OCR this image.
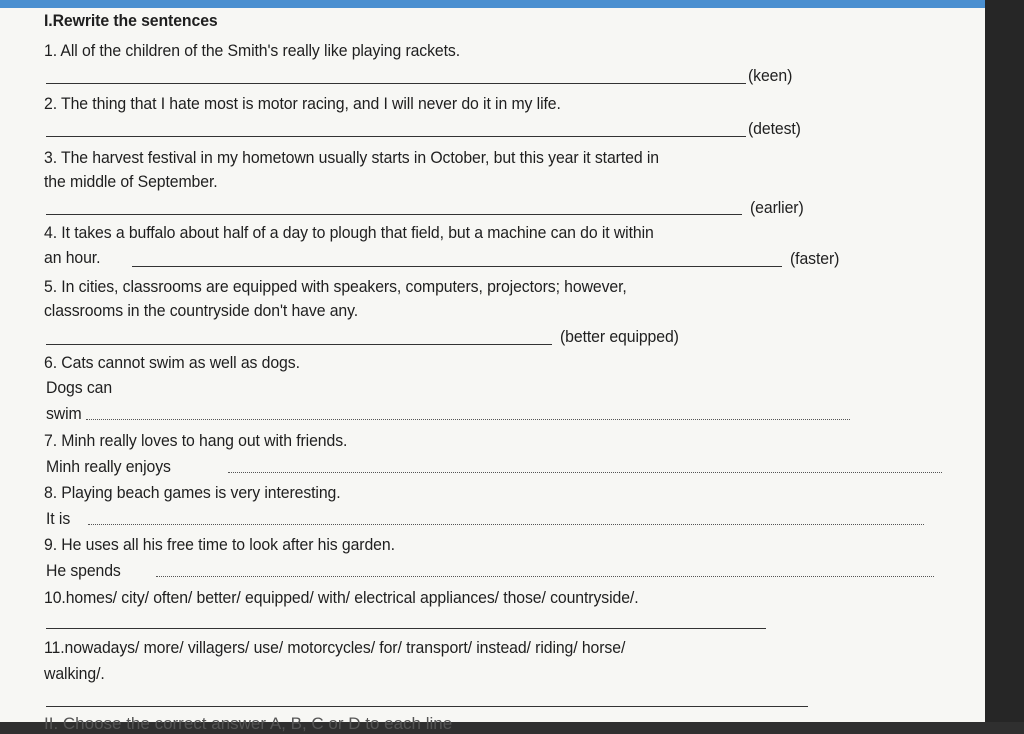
I.Rewrite the sentences
1. All of the children of the Smith's really like playing rackets.
(keen)
2. The thing that I hate most is motor racing, and I will never do it in my life.
(detest)
3. The harvest festival in my hometown usually starts in October, but this year it started in
the middle of September.
(earlier)
4. It takes a buffalo about half of a day to plough that field, but a machine can do it within
an hour.	(faster)
5. In cities, classrooms are equipped with speakers, computers, projectors; however,
classrooms in the countryside don't have any.
(better equipped)
6. Cats cannot swim as well as dogs.
Dogs can
swim
7. Minh really loves to hang out with friends.
Minh really enjoys
8. Playing beach games is very interesting.
It is
9. He uses all his free time to look after his garden.
He spends
10.homes/ city/ often/ better/ equipped/ with/ electrical appliances/ those/ countryside/.
11.nowadays/ more/ villagers/ use/ motorcycles/ for/ transport/ instead/ riding/ horse/
walking/.
II. Choose the correct answer A, B, C or D to each line
